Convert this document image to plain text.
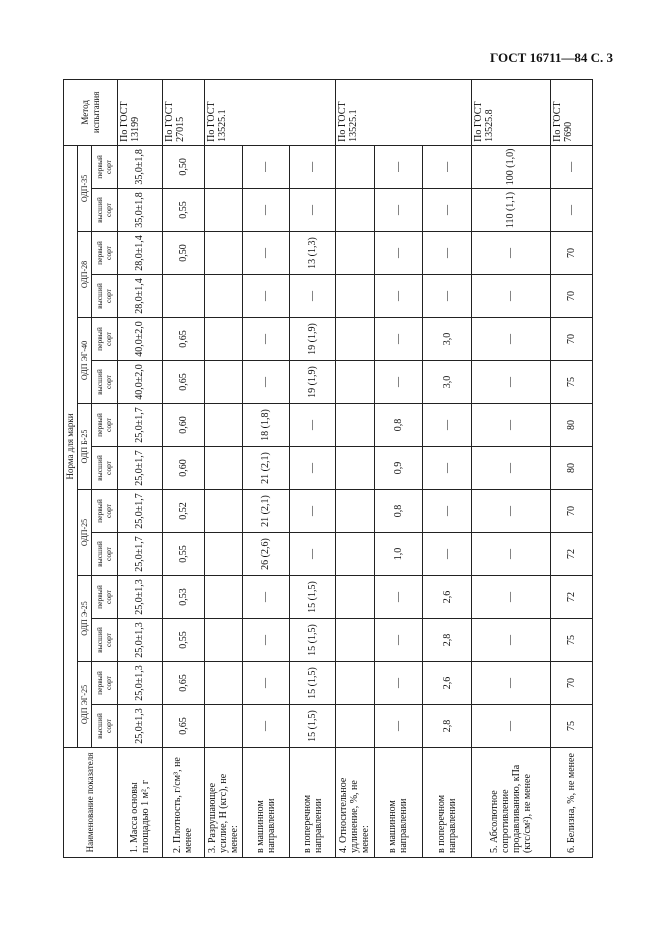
ГОСТ 16711—84 С. 3
Наименование показателя	Норма для марки														Метод испытания
	ОДП ЭГ-25		ОДП Э-25		ОДП-25		ОДП Б-25		ОДП ЭГ-40		ОДП-28		ОДП-35		
	высший сорт	первый сорт	высший сорт	первый сорт	высший сорт	первый сорт	высший сорт	первый сорт	высший сорт	первый сорт	высший сорт	первый сорт	высший сорт	первый сорт	
1. Масса основы площадью 1 м², г	25,0±1,3	25,0±1,3	25,0±1,3	25,0±1,3	25,0±1,7	25,0±1,7	25,0±1,7	25,0±1,7	40,0±2,0	40,0±2,0	28,0±1,4	28,0±1,4	35,0±1,8	35,0±1,8	По ГОСТ 13199
2. Плотность, г/см³, не менее	0,65	0,65	0,55	0,53	0,55	0,52	0,60	0,60	0,65	0,65		0,50	0,55	0,50	По ГОСТ 27015
3. Разрушающее усилие, Н (кгс), не менее:															По ГОСТ 13525.1
в машинном направлении	—	—	—	—	26 (2,6)	21 (2,1)	21 (2,1)	18 (1,8)	—	—	—	—	—	—	
в поперечном направлении	15 (1,5)	15 (1,5)	15 (1,5)	15 (1,5)	—	—	—	—	19 (1,9)	19 (1,9)	—	13 (1,3)	—	—	
4. Относительное удлинение, %, не менее:															По ГОСТ 13525.1
в машинном направлении	—	—	—	—	1,0	0,8	0,9	0,8	—	—	—	—	—	—	
в поперечном направлении	2,8	2,6	2,8	2,6	—	—	—	—	3,0	3,0	—	—	—	—	
5. Абсолютное сопротивление продавливанию, кПа (кгс/см²), не менее	—	—	—	—	—	—	—	—	—	—	—	—	110 (1,1)	100 (1,0)	По ГОСТ 13525.8
6. Белизна, %, не менее	75	70	75	72	72	70	80	80	75	70	70	70	—	—	По ГОСТ 7690
